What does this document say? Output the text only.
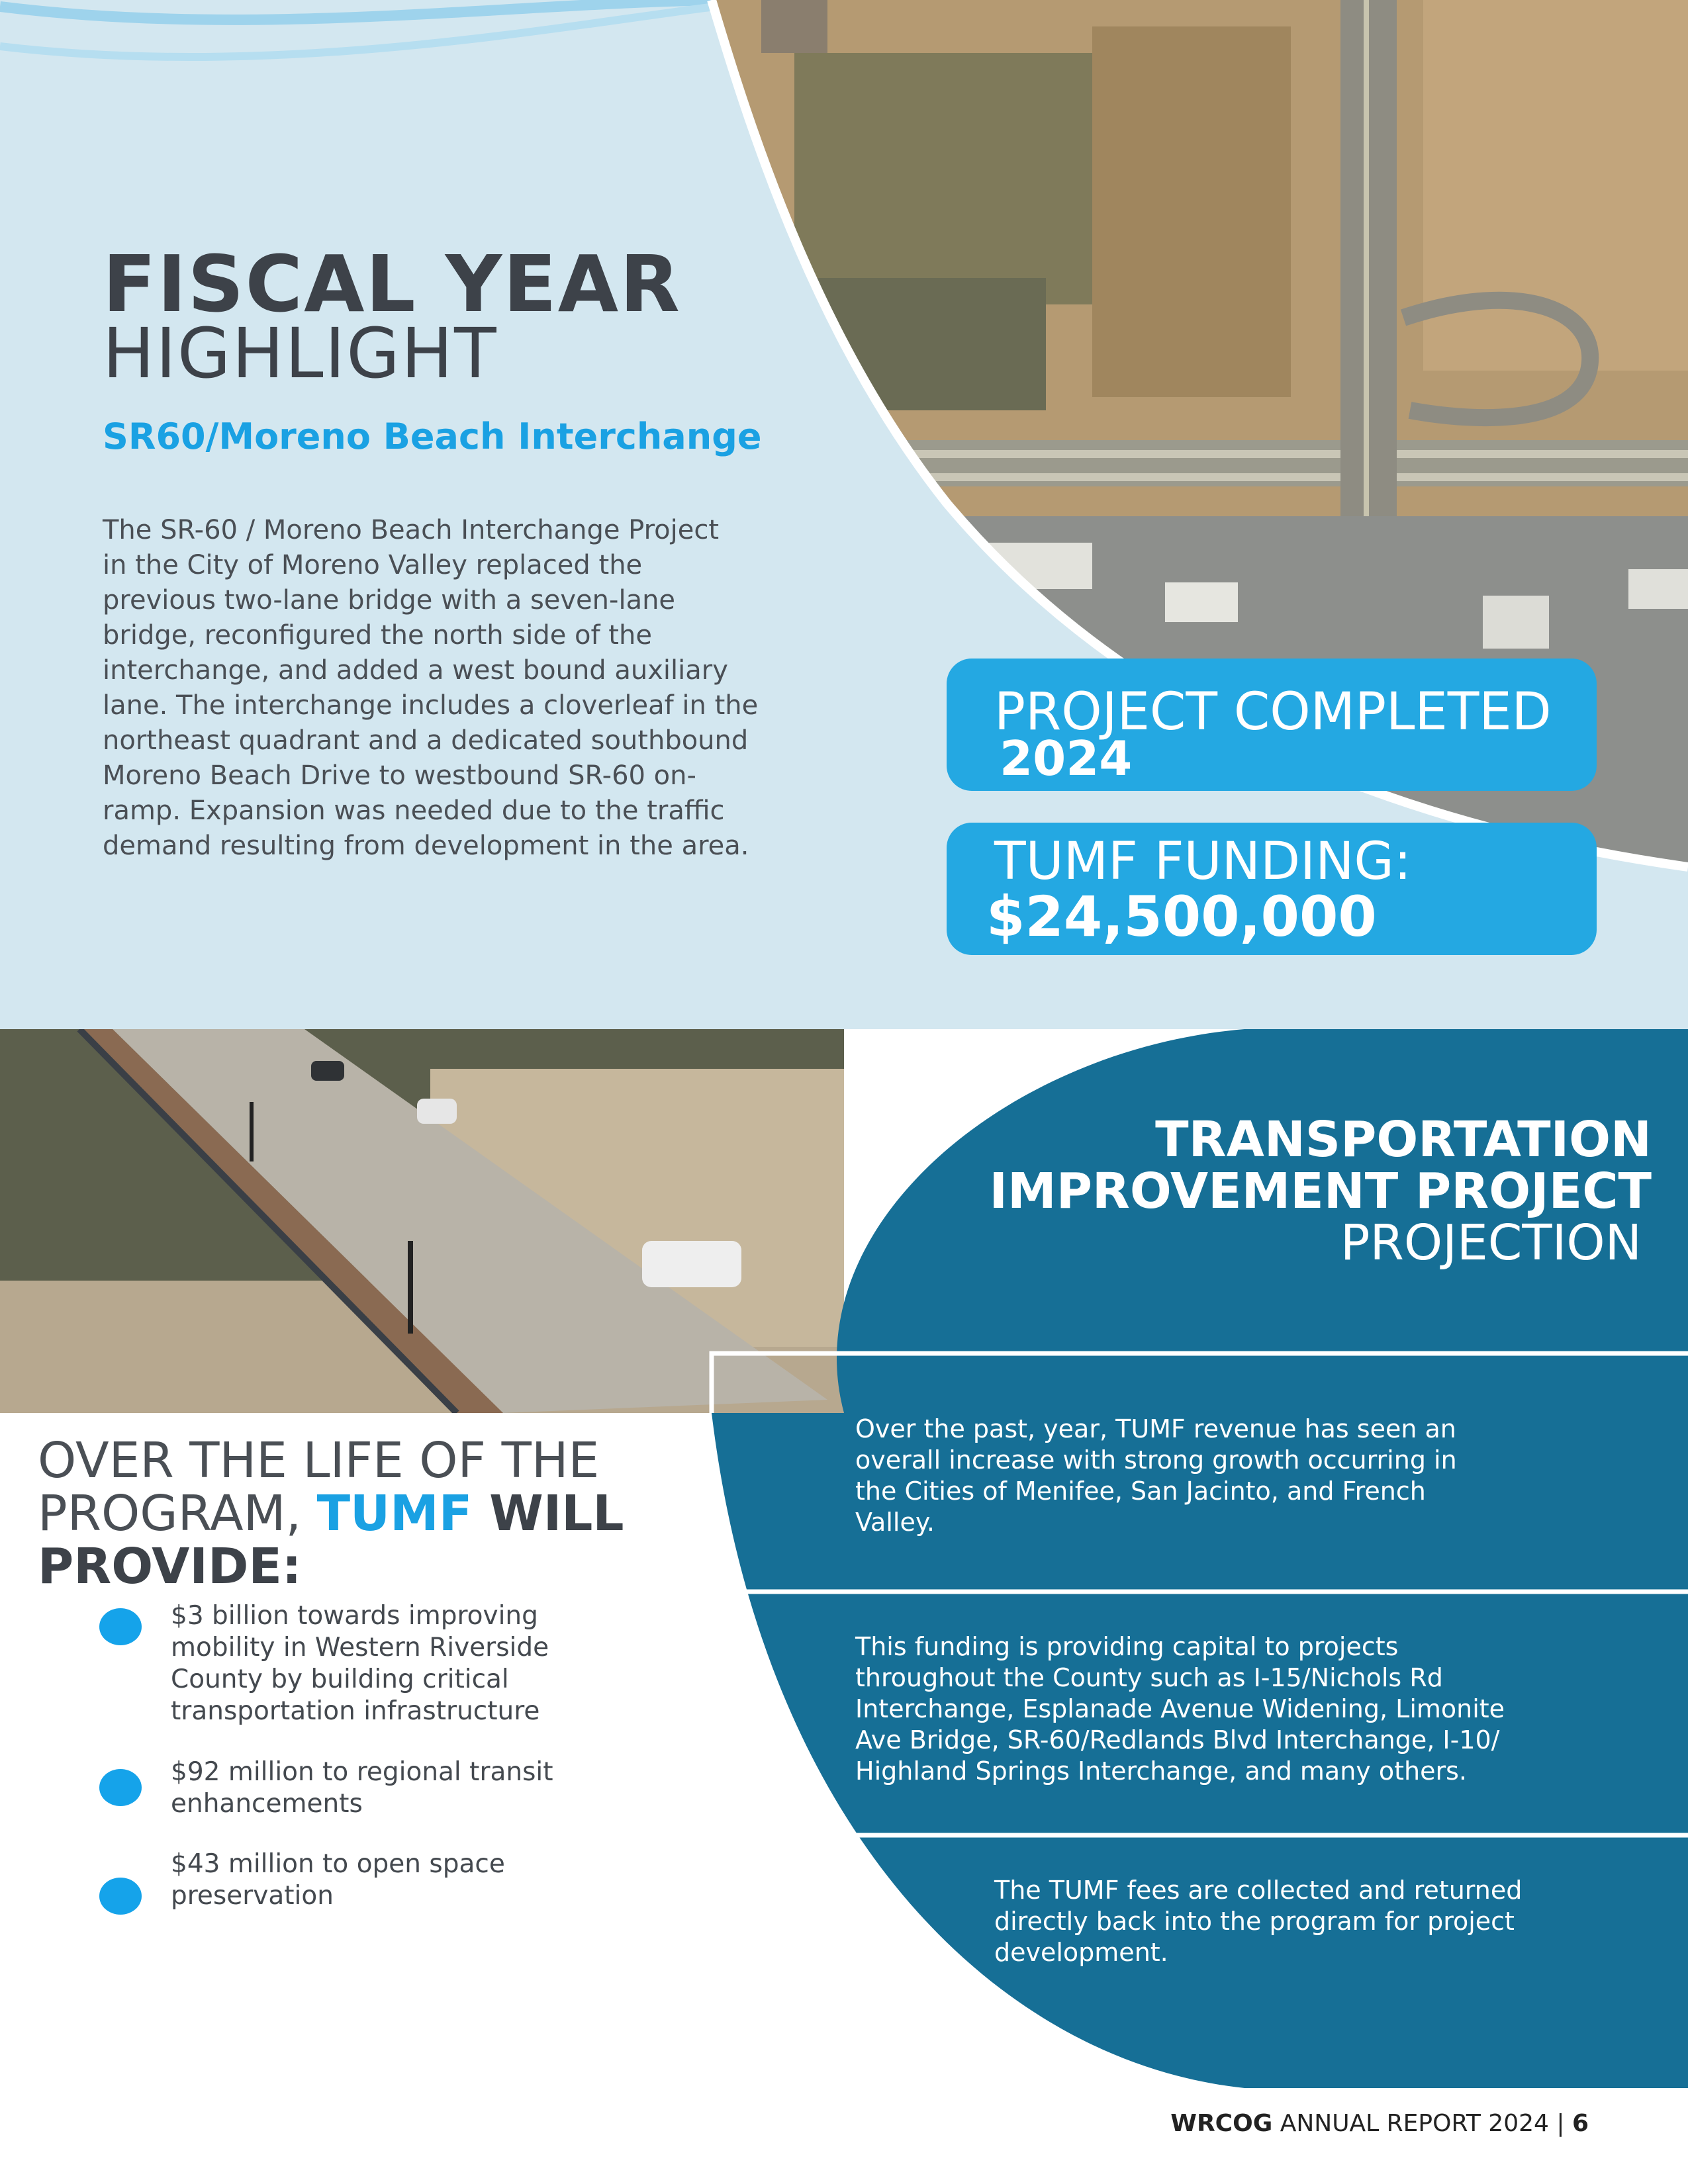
FISCAL YEAR
HIGHLIGHT
SR60/Moreno Beach Interchange
The SR-60 / Moreno Beach Interchange Project
in the City of Moreno Valley replaced the
previous two-lane bridge with a seven-lane
bridge, reconfigured the north side of the
interchange, and added a west bound auxiliary
lane. The interchange includes a cloverleaf in the
northeast quadrant and a dedicated southbound
Moreno Beach Drive to westbound SR-60 on-
ramp. Expansion was needed due to the traffic
demand resulting from development in the area.
PROJECT COMPLETED
2024
TUMF FUNDING:
$24,500,000
TRANSPORTATION
IMPROVEMENT PROJECT
PROJECTION
Over the past, year, TUMF revenue has seen an
overall increase with strong growth occurring in
the Cities of Menifee, San Jacinto, and French
Valley.
This funding is providing capital to projects
throughout the County such as I-15/Nichols Rd
Interchange, Esplanade Avenue Widening, Limonite
Ave Bridge, SR-60/Redlands Blvd Interchange, I-10/
Highland Springs Interchange, and many others.
The TUMF fees are collected and returned
directly back into the program for project
development.
OVER THE LIFE OF THE
PROGRAM, TUMF WILL
PROVIDE:
$3 billion towards improving
mobility in Western Riverside
County by building critical
transportation infrastructure
$92 million to regional transit
enhancements
$43 million to open space
preservation
WRCOG ANNUAL REPORT 2024 | 6
